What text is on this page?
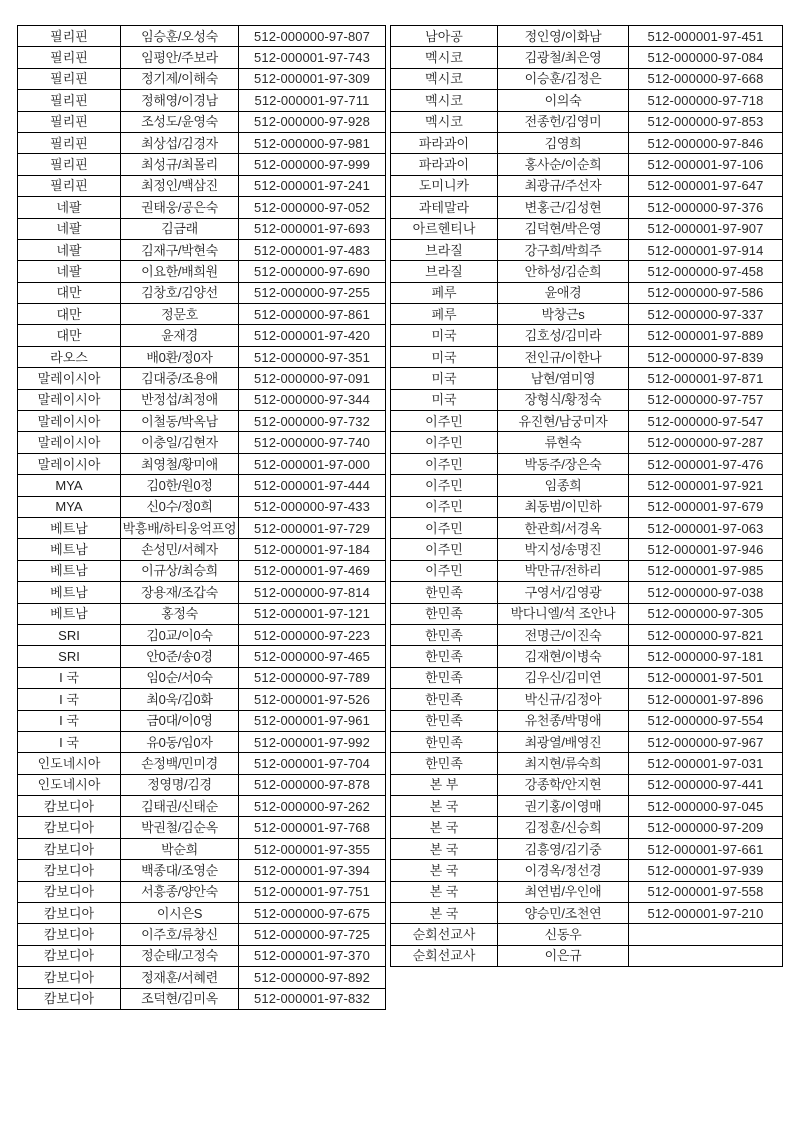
필리핀	임승훈/오성숙	512-000000-97-807
필리핀	임평안/주보라	512-000001-97-743
필리핀	정기제/이해숙	512-000001-97-309
필리핀	정해영/이경남	512-000001-97-711
필리핀	조성도/윤영숙	512-000000-97-928
필리핀	최상섭/김경자	512-000000-97-981
필리핀	최성규/최몰리	512-000000-97-999
필리핀	최정인/백삼진	512-000001-97-241
네팔	권태웅/공은숙	512-000000-97-052
네팔	김금래	512-000001-97-693
네팔	김재구/박현숙	512-000001-97-483
네팔	이요한/배희원	512-000000-97-690
대만	김창호/김양선	512-000000-97-255
대만	정문호	512-000000-97-861
대만	윤재경	512-000001-97-420
라오스	배0환/정0자	512-000000-97-351
말레이시아	김대중/조용애	512-000000-97-091
말레이시아	반정섭/최정애	512-000000-97-344
말레이시아	이철동/박옥남	512-000000-97-732
말레이시아	이충일/김현자	512-000000-97-740
말레이시아	최영철/황미애	512-000001-97-000
MYA	김0한/원0정	512-000001-97-444
MYA	신0수/정0희	512-000000-97-433
베트남	박흥배/하티웅억프엉	512-000001-97-729
베트남	손성민/서혜자	512-000001-97-184
베트남	이규상/최승희	512-000001-97-469
베트남	장용재/조갑숙	512-000000-97-814
베트남	홍정숙	512-000001-97-121
SRI	김0교/이0숙	512-000000-97-223
SRI	안0준/송0경	512-000000-97-465
I 국	임0순/서0숙	512-000000-97-789
I 국	최0욱/김0화	512-000001-97-526
I 국	금0대/이0영	512-000001-97-961
I 국	유0동/임0자	512-000001-97-992
인도네시아	손정백/민미경	512-000001-97-704
인도네시아	정영명/김경	512-000000-97-878
캄보디아	김태권/신태순	512-000000-97-262
캄보디아	박권철/김순옥	512-000001-97-768
캄보디아	박순희	512-000001-97-355
캄보디아	백종대/조영순	512-000001-97-394
캄보디아	서흥종/양안숙	512-000001-97-751
캄보디아	이시은S	512-000000-97-675
캄보디아	이주호/류창신	512-000000-97-725
캄보디아	정순태/고정숙	512-000001-97-370
캄보디아	정재훈/서혜련	512-000000-97-892
캄보디아	조덕현/김미옥	512-000001-97-832
남아공	정인영/이화남	512-000001-97-451
멕시코	김광철/최은영	512-000000-97-084
멕시코	이승훈/김정은	512-000000-97-668
멕시코	이의숙	512-000000-97-718
멕시코	전종헌/김영미	512-000000-97-853
파라과이	김영희	512-000000-97-846
파라과이	홍사순/이순희	512-000001-97-106
도미니카	최광규/주선자	512-000001-97-647
과테말라	변홍근/김성현	512-000000-97-376
아르헨티나	김덕현/박은영	512-000001-97-907
브라질	강구희/박희주	512-000001-97-914
브라질	안하성/김순희	512-000000-97-458
페루	윤애경	512-000000-97-586
페루	박창근s	512-000000-97-337
미국	김호성/김미라	512-000001-97-889
미국	전인규/이한나	512-000000-97-839
미국	남현/염미영	512-000001-97-871
미국	장형식/황정숙	512-000000-97-757
이주민	유진현/남궁미자	512-000000-97-547
이주민	류현숙	512-000000-97-287
이주민	박동주/장은숙	512-000001-97-476
이주민	임종희	512-000001-97-921
이주민	최동범/이민하	512-000001-97-679
이주민	한관희/서경옥	512-000001-97-063
이주민	박지성/송명진	512-000001-97-946
이주민	박만규/전하리	512-000001-97-985
한민족	구영서/김영광	512-000000-97-038
한민족	박다니엘/석 조안나	512-000000-97-305
한민족	전명근/이진숙	512-000000-97-821
한민족	김재현/이병숙	512-000000-97-181
한민족	김우신/김미연	512-000001-97-501
한민족	박신규/김정아	512-000001-97-896
한민족	유천종/박명애	512-000000-97-554
한민족	최광열/배영진	512-000000-97-967
한민족	최지현/류숙희	512-000001-97-031
본 부	강종학/안지현	512-000000-97-441
본 국	권기홍/이영매	512-000000-97-045
본 국	김정훈/신승희	512-000000-97-209
본 국	김흥영/김기중	512-000001-97-661
본 국	이경옥/정선경	512-000001-97-939
본 국	최연범/우인애	512-000001-97-558
본 국	양승민/조천연	512-000001-97-210
순회선교사	신동우	
순회선교사	이은규	
